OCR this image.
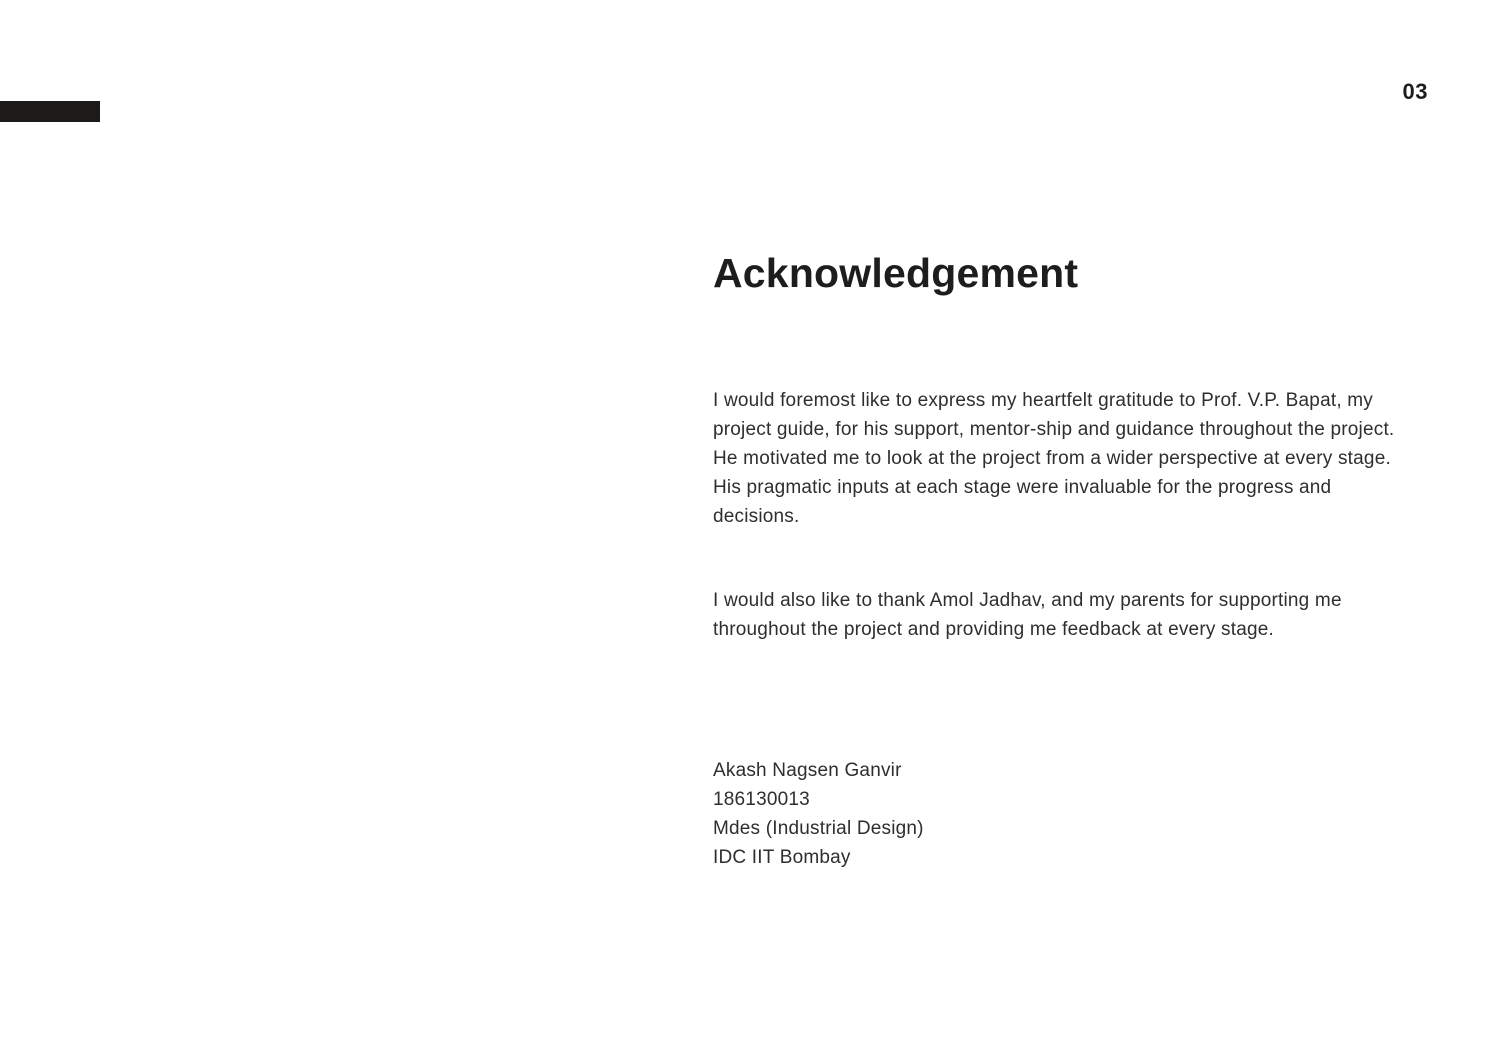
03
Acknowledgement

I would foremost like to express my heartfelt gratitude to Prof. V.P. Bapat, my project guide, for his support, mentor-ship and guidance throughout the project. He motivated me to look at the project from a wider perspective at every stage. His pragmatic inputs at each stage were invaluable for the progress and decisions.

I would also like to thank Amol Jadhav, and my parents for supporting me throughout the project and providing me feedback at every stage.

Akash Nagsen Ganvir
186130013
Mdes (Industrial Design)
IDC IIT Bombay
